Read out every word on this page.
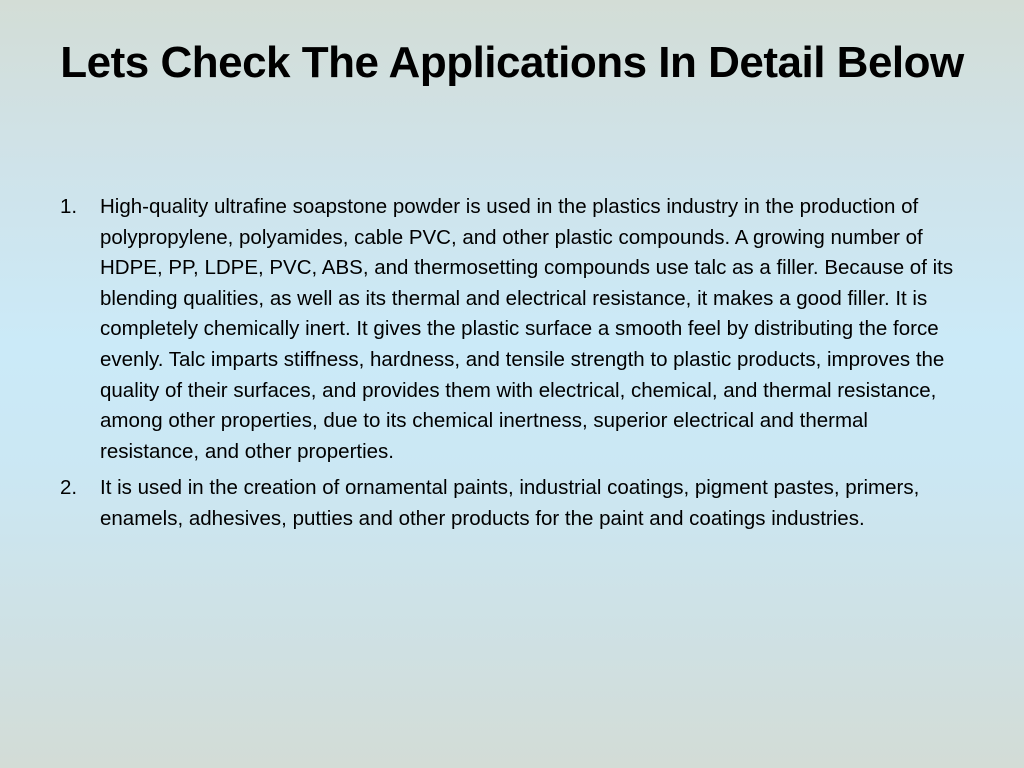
Lets Check The Applications In Detail Below
1. High-quality ultrafine soapstone powder is used in the plastics industry in the production of polypropylene, polyamides, cable PVC, and other plastic compounds. A growing number of HDPE, PP, LDPE, PVC, ABS, and thermosetting compounds use talc as a filler. Because of its blending qualities, as well as its thermal and electrical resistance, it makes a good filler. It is completely chemically inert. It gives the plastic surface a smooth feel by distributing the force evenly. Talc imparts stiffness, hardness, and tensile strength to plastic products, improves the quality of their surfaces, and provides them with electrical, chemical, and thermal resistance, among other properties, due to its chemical inertness, superior electrical and thermal resistance, and other properties.
2. It is used in the creation of ornamental paints, industrial coatings, pigment pastes, primers, enamels, adhesives, putties and other products for the paint and coatings industries.
